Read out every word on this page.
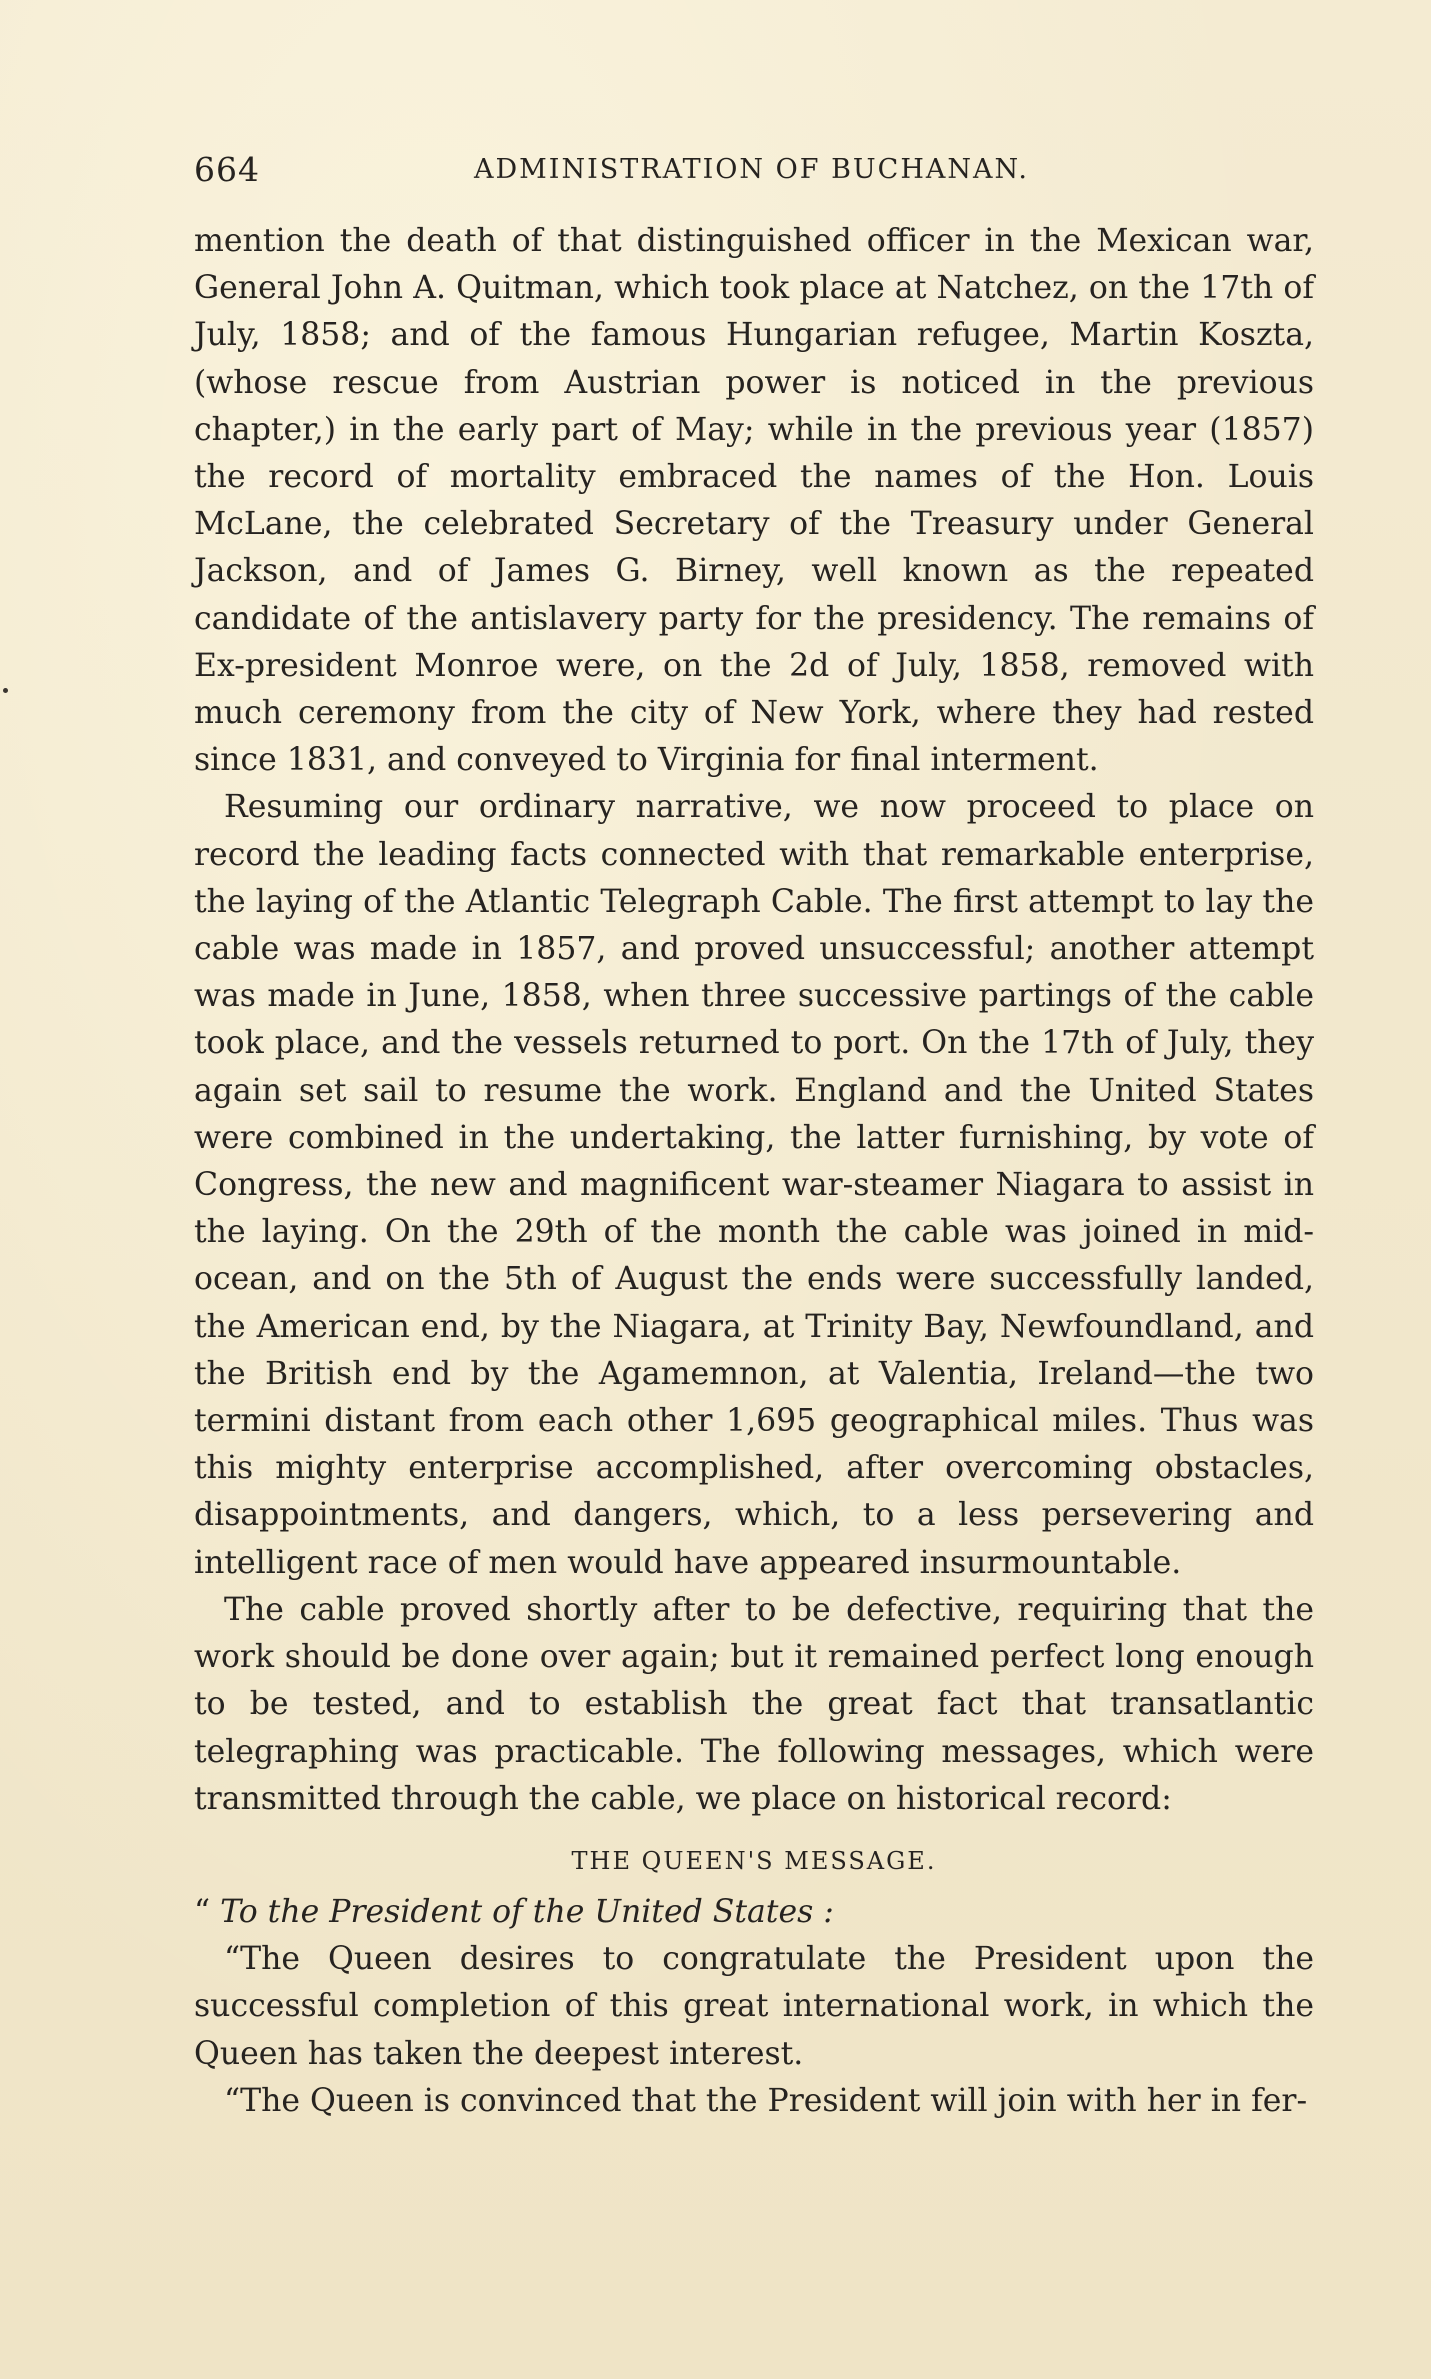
664	ADMINISTRATION OF BUCHANAN.

mention the death of that distinguished officer in the Mexican war, General John A. Quitman, which took place at Natchez, on the 17th of July, 1858; and of the famous Hungarian refugee, Martin Koszta, (whose rescue from Austrian power is noticed in the previous chapter,) in the early part of May; while in the previous year (1857) the record of mortality embraced the names of the Hon. Louis McLane, the celebrated Secretary of the Treasury under General Jackson, and of James G. Birney, well known as the repeated candidate of the antislavery party for the presidency. The remains of Ex-president Monroe were, on the 2d of July, 1858, removed with much ceremony from the city of New York, where they had rested since 1831, and conveyed to Virginia for final interment.

Resuming our ordinary narrative, we now proceed to place on record the leading facts connected with that remarkable enterprise, the laying of the Atlantic Telegraph Cable. The first attempt to lay the cable was made in 1857, and proved unsuccessful; another attempt was made in June, 1858, when three successive partings of the cable took place, and the vessels returned to port. On the 17th of July, they again set sail to resume the work. England and the United States were combined in the undertaking, the latter furnishing, by vote of Congress, the new and magnificent war-steamer Niagara to assist in the laying. On the 29th of the month the cable was joined in mid-ocean, and on the 5th of August the ends were successfully landed, the American end, by the Niagara, at Trinity Bay, Newfoundland, and the British end by the Agamemnon, at Valentia, Ireland—the two termini distant from each other 1,695 geographical miles. Thus was this mighty enterprise accomplished, after overcoming obstacles, disappointments, and dangers, which, to a less persevering and intelligent race of men would have appeared insurmountable.

The cable proved shortly after to be defective, requiring that the work should be done over again; but it remained perfect long enough to be tested, and to establish the great fact that transatlantic telegraphing was practicable. The following messages, which were transmitted through the cable, we place on historical record:

THE QUEEN'S MESSAGE.

“ To the President of the United States :

“The Queen desires to congratulate the President upon the successful completion of this great international work, in which the Queen has taken the deepest interest.

“The Queen is convinced that the President will join with her in fer-
